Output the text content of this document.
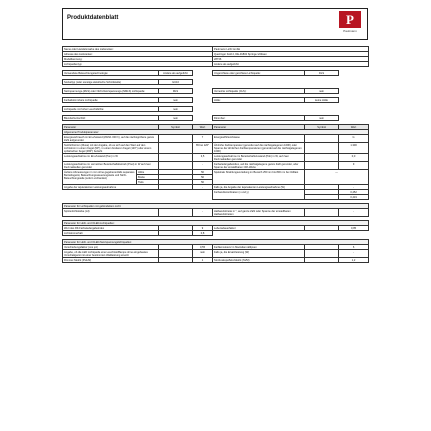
Produktdatenblatt	P
Paulmann
Name oder Handelsmarke des Lieferanten:				Paulmann Licht GmbH		
Adresse des Lieferanten:				Quezinger Feld 2, DE-31832 Springe-Völksen		
Modellkennung:				28736		
Lichtquellentyp:				Andere als aufgeführt		

Verwendete Beleuchtungstechnologie:		Andere als aufgeführt		Ungerichtete oder gerichtete Lichtquelle:	DLS	

Sockeltyp (oder sonstige elektrische Schnittstelle)		GU10				

Netzspannungs-(MLS) oder Nicht-Netzspannungs-(NMLS) Lichtquelle:		MLS		Vernetzte Lichtquelle (CLS):	nein	

Farbabstimmbare Lichtquelle:		nein		Hülle:	keine Hülle	

Lichtquelle mit hoher Leuchtdichte:		nein				

Blendschutzschild:		nein		Dimmbar:	nein	

Parameter		Symbol	Wert	Parameter	Symbol	Wert
Allgemeine Produktparameter:						
Energieverbrauch im Ein-Zustand (kWh/1 000 h), auf die nächstgrößere ganze Zahl aufgerundet			7	Energieeffizienzklasse		G
Nutzlichtstrom (Φuse) mit der Angabe, ob es sich auf den Wert auf den Lichtstrom in einem Kegel (90°), in einem breiteren Kegel (120°) oder einem sphärischen Kegel (360°) bezieht			65 bei 120°	Ähnliche Farbtemperatur (gerundet auf die nächstgelegenen 100K) oder Spanne der ähnlichen Farbtemperaturen (gerundet auf die nächstgelegenen 100K)		1.300
Leistungsaufnahme im Ein-Zustand (Pon) in W			3,5	Leistungsaufnahme im Bereitschaftszustand (Psb) in W, auf zwei Dezimalstellen gerundet		0,0
Leistungsaufnahme im vernetzten Bereitschaftsbetrieb (Pnet) in W auf zwei Dezimalstellen gerundet			-	Farbwiedergabeindex, auf die nächstgelegene ganze Zahl gerundet, oder Spanne der einstellbaren CRI-Werte		9
Äußere Abmessungen in mm ohne gegebenenfalls separates Betriebsgerät, Beleuchtungssteuerungsteile und Nicht-Beleuchtungsteile (sofern vorhanden)	Höhe		50	Spektrale Strahlungsverteilung im Bereich 250 nm bis 800 nm bei Volllast	—	
	Breite		50			
	Tiefe		50			
Angabe der äquivalenten Leistungsaufnahme			-	Falls ja, die Angabe der äquivalenten Leistungsaufnahme (W)		-
				Farbwertkoordinaten (x und y)		0,452
						0,419

Parameter für Lichtquellen mit gebündeltem Licht:						
Spitzenlichtstärke (cd)			-	Halbwertsbreite in °, auf ganze Zahl oder Spanne der einstellbaren Halbwertsbreiten		-

Parameter für LED- und OLED-Lichtquellen:						
Wert des R9-Farbwiedergabeindex			9	Lebensdauerfaktor		0,85
Lichtstromerhalt			0,8			

Parameter für LED- und OLED-Netzspannungslichtquellen:						
Verschiebungsfaktor (cos φ1)			0,55	Farbkonsistenz in MacAdam-Ellipsen		6
Angabe, ob die LED Lichtquelle eine Leuchtstofflampe ohne eingebautes Vorschaltgerät mit einer bestimmten Wattleistung ersetzt			nein	Falls ja, die Ersatzleistung (W)		-
Flimmer-Metrik (PstLM)			1	Stroboskopeffekt-Metrik (SVM)		1,2
